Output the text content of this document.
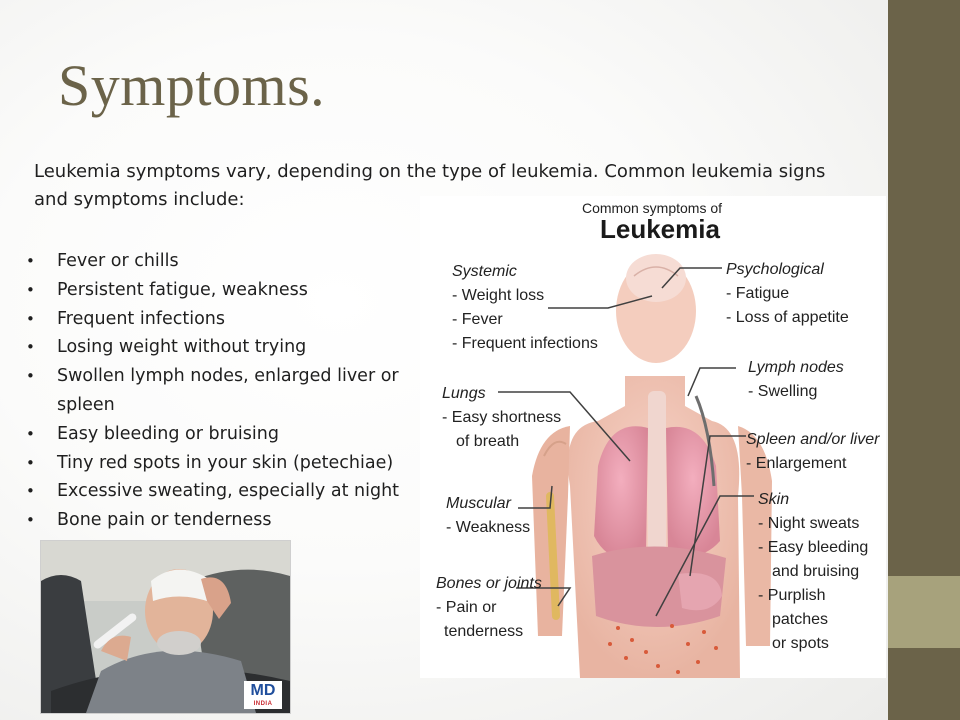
Symptoms.

Leukemia symptoms vary, depending on the type of leukemia. Common leukemia signs and symptoms include:

• Fever or chills
• Persistent fatigue, weakness
• Frequent infections
• Losing weight without trying
• Swollen lymph nodes, enlarged liver or spleen
• Easy bleeding or bruising
• Tiny red spots in your skin (petechiae)
• Excessive sweating, especially at night
• Bone pain or tenderness
MD
INDIA
Common symptoms of
Leukemia
Systemic
- Weight loss
- Fever
- Frequent infections
Lungs
- Easy shortness
of breath
Muscular
- Weakness
Bones or joints
- Pain or
tenderness
Psychological
- Fatigue
- Loss of appetite
Lymph nodes
- Swelling
Spleen and/or liver
- Enlargement
Skin
- Night sweats
- Easy bleeding
and bruising
- Purplish
patches
or spots
